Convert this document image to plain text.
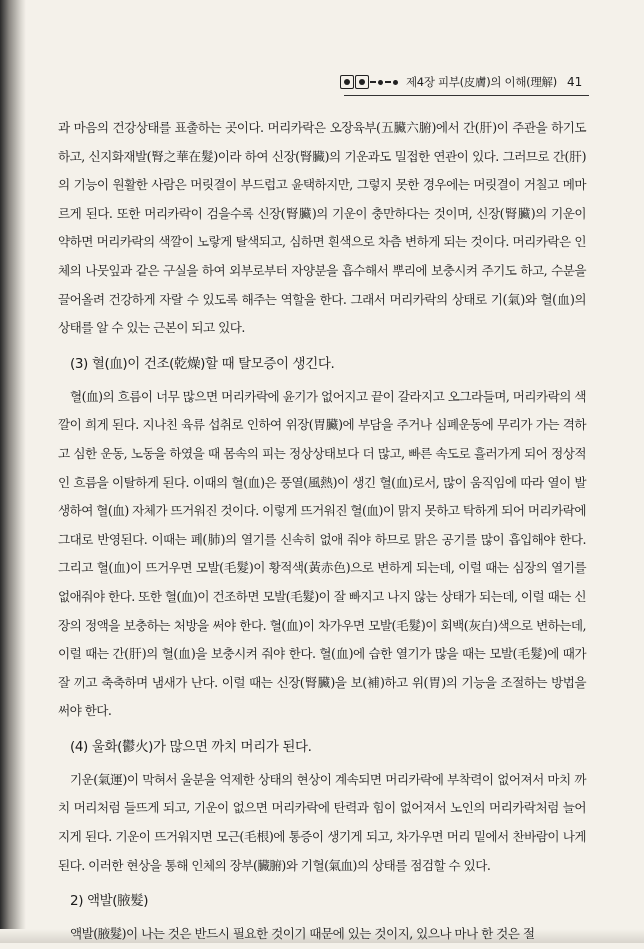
제4장 피부(皮膚)의 이해(理解) 41

과 마음의 건강상태를 표출하는 곳이다. 머리카락은 오장육부(五臟六腑)에서 간(肝)이 주관을 하기도 하고, 신지화재발(腎之華在髮)이라 하여 신장(腎臟)의 기운과도 밀접한 연관이 있다. 그러므로 간(肝)의 기능이 원활한 사람은 머릿결이 부드럽고 윤택하지만, 그렇지 못한 경우에는 머릿결이 거칠고 메마르게 된다. 또한 머리카락이 검을수록 신장(腎臟)의 기운이 충만하다는 것이며, 신장(腎臟)의 기운이 약하면 머리카락의 색깔이 노랗게 탈색되고, 심하면 흰색으로 차츰 변하게 되는 것이다. 머리카락은 인체의 나뭇잎과 같은 구실을 하여 외부로부터 자양분을 흡수해서 뿌리에 보충시켜 주기도 하고, 수분을 끌어올려 건강하게 자랄 수 있도록 해주는 역할을 한다. 그래서 머리카락의 상태로 기(氣)와 혈(血)의 상태를 알 수 있는 근본이 되고 있다.

(3) 혈(血)이 건조(乾燥)할 때 탈모증이 생긴다.

혈(血)의 흐름이 너무 많으면 머리카락에 윤기가 없어지고 끝이 갈라지고 오그라들며, 머리카락의 색깔이 희게 된다. 지나친 육류 섭취로 인하여 위장(胃臟)에 부담을 주거나 심폐운동에 무리가 가는 격하고 심한 운동, 노동을 하였을 때 몸속의 피는 정상상태보다 더 많고, 빠른 속도로 흘러가게 되어 정상적인 흐름을 이탈하게 된다. 이때의 혈(血)은 풍열(風熱)이 생긴 혈(血)로서, 많이 움직임에 따라 열이 발생하여 혈(血) 자체가 뜨거워진 것이다. 이렇게 뜨거워진 혈(血)이 맑지 못하고 탁하게 되어 머리카락에 그대로 반영된다. 이때는 폐(肺)의 열기를 신속히 없애 줘야 하므로 맑은 공기를 많이 흡입해야 한다. 그리고 혈(血)이 뜨거우면 모발(毛髮)이 황적색(黃赤色)으로 변하게 되는데, 이럴 때는 심장의 열기를 없애줘야 한다. 또한 혈(血)이 건조하면 모발(毛髮)이 잘 빠지고 나지 않는 상태가 되는데, 이럴 때는 신장의 정액을 보충하는 처방을 써야 한다. 혈(血)이 차가우면 모발(毛髮)이 회백(灰白)색으로 변하는데, 이럴 때는 간(肝)의 혈(血)을 보충시켜 줘야 한다. 혈(血)에 습한 열기가 많을 때는 모발(毛髮)에 때가 잘 끼고 축축하며 냄새가 난다. 이럴 때는 신장(腎臟)을 보(補)하고 위(胃)의 기능을 조절하는 방법을 써야 한다.

(4) 울화(鬱火)가 많으면 까치 머리가 된다.

기운(氣運)이 막혀서 울분을 억제한 상태의 현상이 계속되면 머리카락에 부착력이 없어져서 마치 까치 머리처럼 들뜨게 되고, 기운이 없으면 머리카락에 탄력과 힘이 없어져서 노인의 머리카락처럼 늘어지게 된다. 기운이 뜨거워지면 모근(毛根)에 통증이 생기게 되고, 차가우면 머리 밑에서 찬바람이 나게 된다. 이러한 현상을 통해 인체의 장부(臟腑)와 기혈(氣血)의 상태를 점검할 수 있다.

2) 액발(腋髮)

액발(腋髮)이 나는 것은 반드시 필요한 것이기 때문에 있는 것이지, 있으나 마나 한 것은 절
